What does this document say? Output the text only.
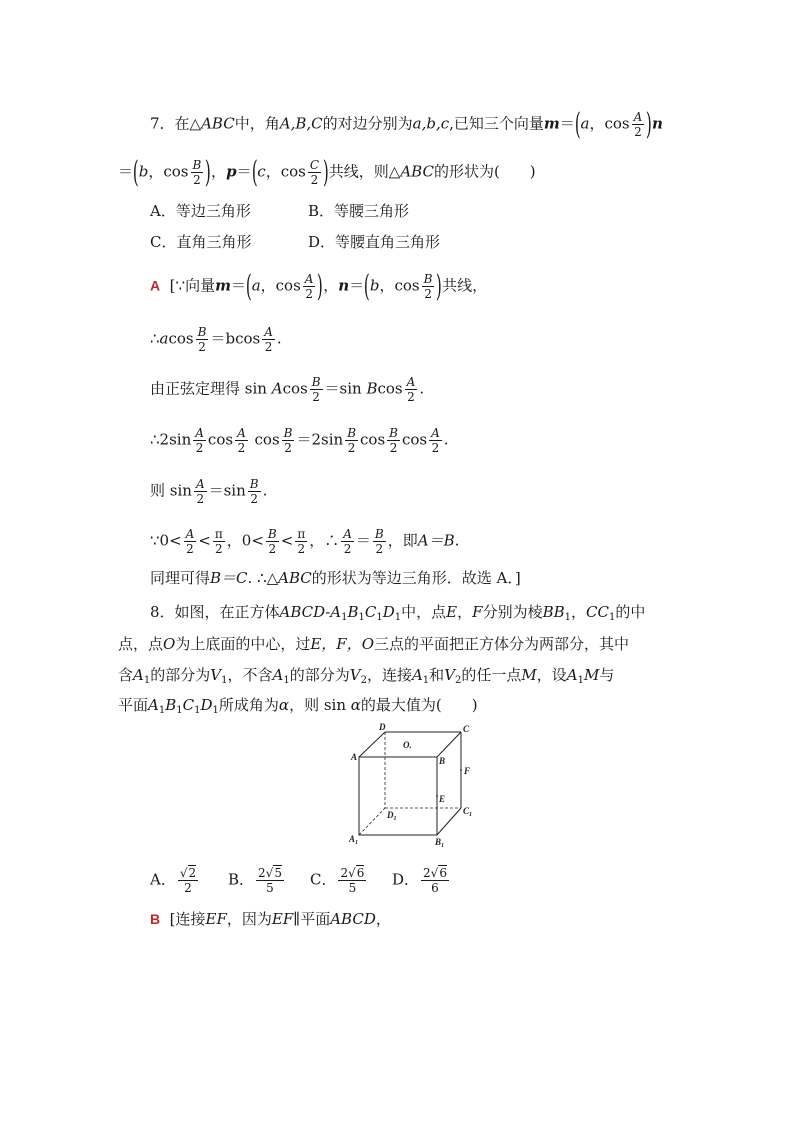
7．在△ABC中，角A,B,C的对边分别为a,b,c,已知三个向量m＝(a，$\cos \frac{A}{2} )n$
＝(b，$\cos \frac{B}{2}$ )，p＝(c，$\cos \frac{C}{2}$ )共线，则△ABC的形状为(　　)
A．等边三角形	B．等腰三角形
C．直角三角形	D．等腰直角三角形
A [∵向量m＝(a，$\cos \frac{A}{2}$ )，n＝(b，$\cos \frac{B}{2}$ )共线，
∴acos $\frac{B}{2} =bcos \frac{A}{2}$ .
由正弦定理得 sin Acos $\frac{B}{2} =\sin$ Bcos $\frac{A}{2}$ .
∴2sin $\frac{A}{2}$ $\cos \frac{A}{2}$ $\cos \frac{B}{2} =2\sin \frac{B}{2}$ $\cos \frac{B}{2}$ $\cos \frac{A}{2}$ .
则 $\sin \frac{A}{2} =\sin \frac{B}{2}$ .
∵0< $\frac{A}{2} < \frac{\pi}{2}$ ，$0< \frac{B}{2} < \frac{\pi}{2}$ ，∴ $\frac{A}{2} = \frac{B}{2}$ ，即A＝B.
同理可得B＝C. ∴△ABC的形状为等边三角形．故选 A．]
8．如图，在正方体ABCD-$A_1B_1C_1D_1$中，点E，F分别为棱$BB_1$，$CC_1$的中
点，点O为上底面的中心，过E，F，O三点的平面把正方体分为两部分，其中
含$A_1$的部分为$V_1$，不含$A_1$的部分为$V_2$，连接$A_1$和$V_2$的任一点M，设$A_1M$与
平面$A_1B_1C_1D_1$所成角为α，则 sin α的最大值为(　　)
D	C
A	B
O.
F
E
$D_1$
$C_1$
$A_1$	$B_1$
A． $\frac{√2}{2}$ B． $\frac{2√5}{5}$ C． $\frac{2√6}{5}$ D． $\frac{2√6}{6}$
B [连接EF，因为EF∥平面ABCD，
